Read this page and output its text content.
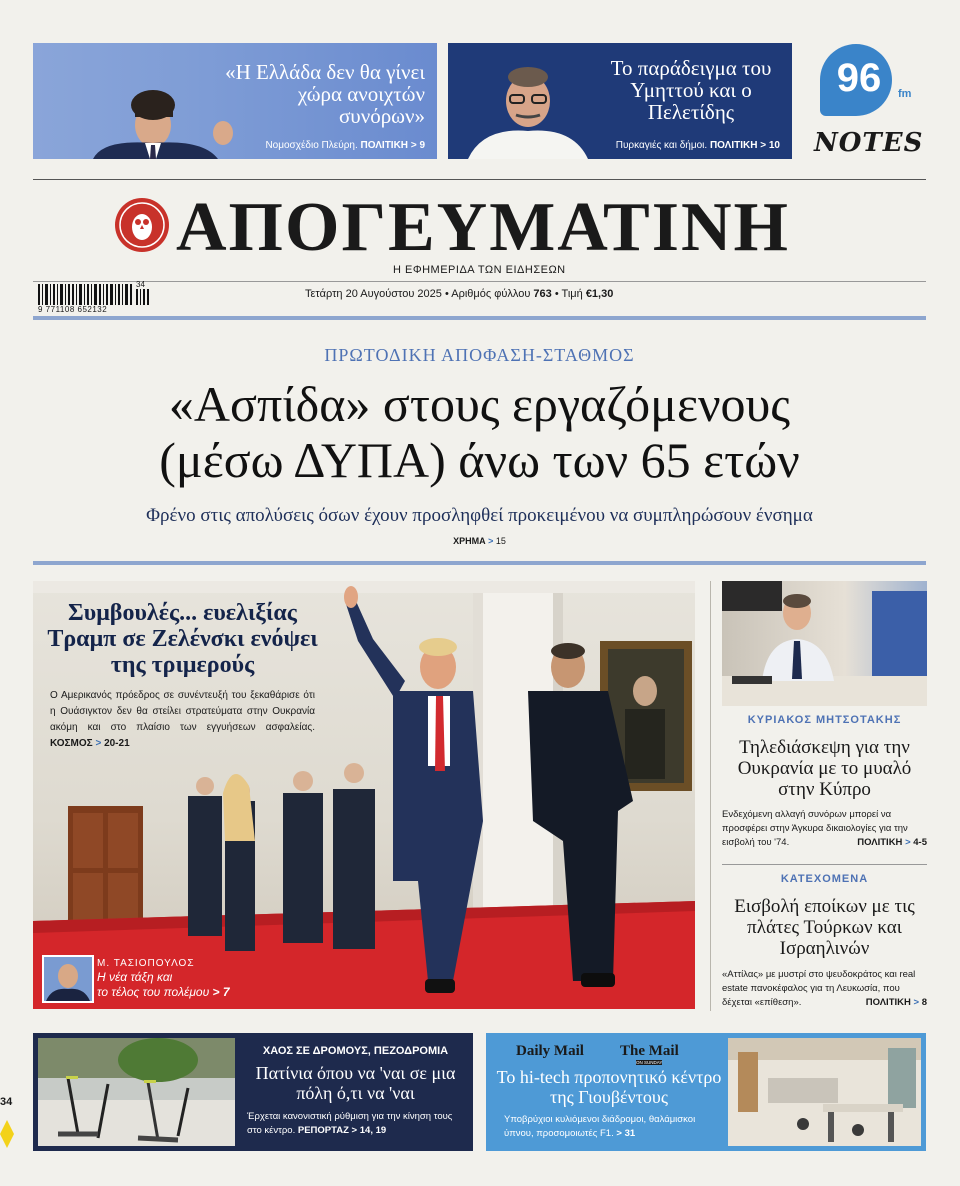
«Η Ελλάδα δεν θα γίνει χώρα ανοιχτών συνόρων»
Νομοσχέδιο Πλεύρη. ΠΟΛΙΤΙΚΗ > 9
Το παράδειγμα του Υμηττού και ο Πελετίδης
Πυρκαγιές και δήμοι. ΠΟΛΙΤΙΚΗ > 10
96	fm
NOTES
ΑΠΟΓΕΥΜΑΤΙΝΗ
Η ΕΦΗΜΕΡΙΔΑ ΤΩΝ ΕΙΔΗΣΕΩΝ
34
9 771108 652132
Τετάρτη 20 Αυγούστου 2025 • Αριθμός φύλλου 763 • Τιμή €1,30
ΠΡΩΤΟΔΙΚΗ ΑΠΟΦΑΣΗ-ΣΤΑΘΜΟΣ
«Ασπίδα» στους εργαζόμενους
(μέσω ΔΥΠΑ) άνω των 65 ετών
Φρένο στις απολύσεις όσων έχουν προσληφθεί προκειμένου να συμπληρώσουν ένσημα
ΧΡΗΜΑ > 15
Συμβουλές... ευελιξίας Τραμπ σε Ζελένσκι ενόψει της τριμερούς
Ο Αμερικανός πρόεδρος σε συνέντευξή του ξεκαθάρισε ότι η Ουάσιγκτον δεν θα στείλει στρατεύματα στην Ουκρανία ακόμη και στο πλαίσιο των εγγυήσεων ασφαλείας. ΚΟΣΜΟΣ > 20-21
Μ. ΤΑΣΙΟΠΟΥΛΟΣ
Η νέα τάξη και
το τέλος του πολέμου > 7
ΚΥΡΙΑΚΟΣ ΜΗΤΣΟΤΑΚΗΣ
Τηλεδιάσκεψη για την Ουκρανία με το μυαλό στην Κύπρο
Ενδεχόμενη αλλαγή συνόρων μπορεί να προσφέρει στην Άγκυρα δικαιολογίες για την εισβολή του '74.	ΠΟΛΙΤΙΚΗ > 4-5
ΚΑΤΕΧΟΜΕΝΑ
Εισβολή εποίκων με τις πλάτες Τούρκων και Ισραηλινών
«Αττίλας» με μυστρί στο ψευδοκράτος και real estate πανοκέφαλος για τη Λευκωσία, που δέχεται «επίθεση».	ΠΟΛΙΤΙΚΗ > 8
ΧΑΟΣ ΣΕ ΔΡΟΜΟΥΣ, ΠΕΖΟΔΡΟΜΙΑ
Πατίνια όπου να 'ναι σε μια πόλη ό,τι να 'ναι
Έρχεται κανονιστική ρύθμιση για την κίνηση τους στο κέντρο. ΡΕΠΟΡΤΑΖ > 14, 19
Daily Mail The Mail
ON SUNDAY
Το hi-tech προπονητικό κέντρο της Γιουβέντους
Υποβρύχιοι κυλιόμενοι διάδρομοι, θαλάμισκοι ύπνου, προσομοιωτές F1. > 31
34
